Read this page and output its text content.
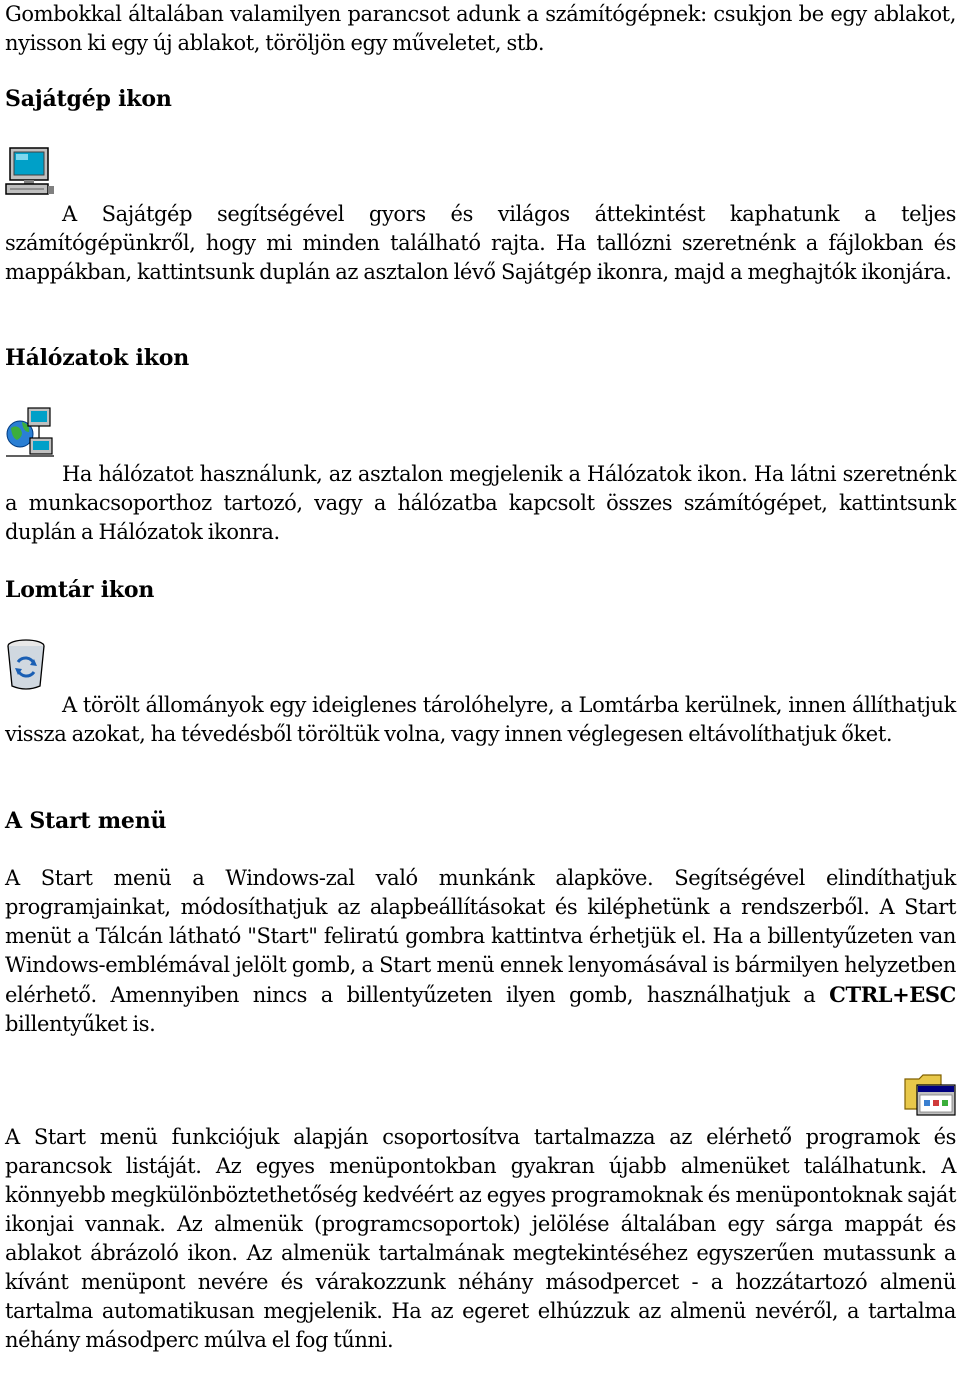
Gombokkal általában valamilyen parancsot adunk a számítógépnek: csukjon be egy ablakot, nyisson ki egy új ablakot, töröljön egy műveletet, stb.

Sajátgép ikon

A Sajátgép segítségével gyors és világos áttekintést kaphatunk a teljes számítógépünkről, hogy mi minden található rajta. Ha tallózni szeretnénk a fájlokban és mappákban, kattintsunk duplán az asztalon lévő Sajátgép ikonra, majd a meghajtók ikonjára.

Hálózatok ikon

Ha hálózatot használunk, az asztalon megjelenik a Hálózatok ikon. Ha látni szeretnénk a munkacsoporthoz tartozó, vagy a hálózatba kapcsolt összes számítógépet, kattintsunk duplán a Hálózatok ikonra.

Lomtár ikon

A törölt állományok egy ideiglenes tárolóhelyre, a Lomtárba kerülnek, innen állíthatjuk vissza azokat, ha tévedésből töröltük volna, vagy innen véglegesen eltávolíthatjuk őket.

A Start menü

A Start menü a Windows-zal való munkánk alapköve. Segítségével elindíthatjuk programjainkat, módosíthatjuk az alapbeállításokat és kiléphetünk a rendszerből. A Start menüt a Tálcán látható "Start" feliratú gombra kattintva érhetjük el. Ha a billentyűzeten van Windows-emblémával jelölt gomb, a Start menü ennek lenyomásával is bármilyen helyzetben elérhető. Amennyiben nincs a billentyűzeten ilyen gomb, használhatjuk a CTRL+ESC billentyűket is.

A Start menü funkciójuk alapján csoportosítva tartalmazza az elérhető programok és parancsok listáját. Az egyes menüpontokban gyakran újabb almenüket találhatunk. A könnyebb megkülönböztethetőség kedvéért az egyes programoknak és menüpontoknak saját ikonjai vannak. Az almenük (programcsoportok) jelölése általában egy sárga mappát és ablakot ábrázoló ikon. Az almenük tartalmának megtekintéséhez egyszerűen mutassunk a kívánt menüpont nevére és várakozzunk néhány másodpercet - a hozzátartozó almenü tartalma automatikusan megjelenik. Ha az egeret elhúzzuk az almenü nevéről, a tartalma néhány másodperc múlva el fog tűnni.
